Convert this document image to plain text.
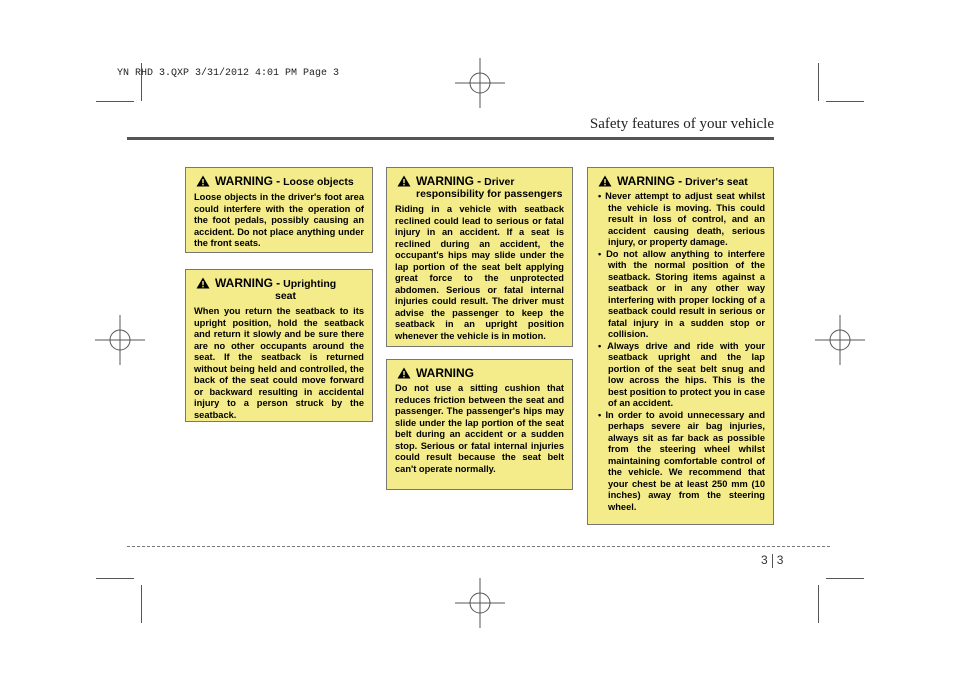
YN RHD 3.QXP 3/31/2012 4:01 PM Page 3
Safety features of your vehicle
WARNING - Loose objects
Loose objects in the driver's foot area could interfere with the operation of the foot pedals, possibly causing an accident. Do not place anything under the front seats.
WARNING - Uprighting
seat
When you return the seatback to its upright position, hold the seatback and return it slowly and be sure there are no other occupants around the seat. If the seatback is returned without being held and controlled, the back of the seat could move forward or backward resulting in accidental injury to a person struck by the seatback.
WARNING - Driver responsibility for passengers
Riding in a vehicle with seatback reclined could lead to serious or fatal injury in an accident. If a seat is reclined during an accident, the occupant's hips may slide under the lap portion of the seat belt applying great force to the unprotected abdomen. Serious or fatal internal injuries could result. The driver must advise the passenger to keep the seatback in an upright position whenever the vehicle is in motion.
WARNING
Do not use a sitting cushion that reduces friction between the seat and passenger. The passenger's hips may slide under the lap portion of the seat belt during an accident or a sudden stop. Serious or fatal internal injuries could result because the seat belt can't operate normally.
WARNING - Driver's seat
• Never attempt to adjust seat whilst the vehicle is moving. This could result in loss of control, and an accident causing death, serious injury, or property damage.
• Do not allow anything to interfere with the normal position of the seatback. Storing items against a seatback or in any other way interfering with proper locking of a seatback could result in serious or fatal injury in a sudden stop or collision.
• Always drive and ride with your seatback upright and the lap portion of the seat belt snug and low across the hips. This is the best position to protect you in case of an accident.
• In order to avoid unnecessary and perhaps severe air bag injuries, always sit as far back as possible from the steering wheel whilst maintaining comfortable control of the vehicle. We recommend that your chest be at least 250 mm (10 inches) away from the steering wheel.
3 3
